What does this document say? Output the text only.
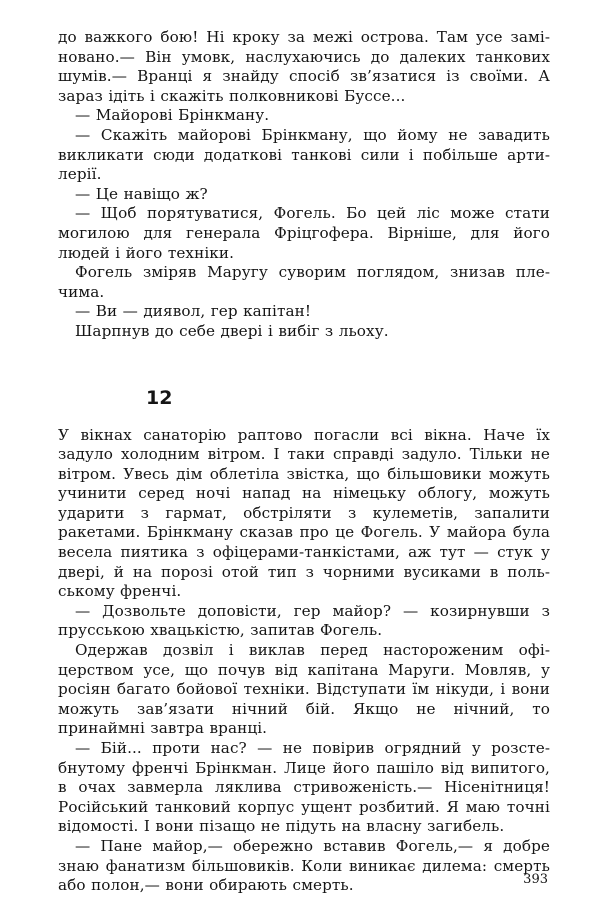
до важкого бою! Ні кроку за межі острова. Там усе заміновано.— Він умовк, наслухаючись до далеких танкових шумів.— Вранці я знайду спосіб зв’язатися із своїми. А зараз ідіть і скажіть полковникові Буссе...

— Майорові Брінкману.

— Скажіть майорові Брінкману, що йому не завадить викликати сюди додаткові танкові сили і побільше артилерії.

— Це навіщо ж?

— Щоб порятуватися, Фогель. Бо цей ліс може стати могилою для генерала Фріцгофера. Вірніше, для його людей і його техніки.

Фогель зміряв Маругу суворим поглядом, знизав плечима.

— Ви — диявол, гер капітан!

Шарпнув до себе двері і вибіг з льоху.

12

У вікнах санаторію раптово погасли всі вікна. Наче їх задуло холодним вітром. І таки справді задуло. Тільки не вітром. Увесь дім облетіла звістка, що більшовики можуть учинити серед ночі напад на німецьку облогу, можуть ударити з гармат, обстріляти з кулеметів, запалити ракетами. Брінкману сказав про це Фогель. У майора була весела пиятика з офіцерами-танкістами, аж тут — стук у двері, й на порозі отой тип з чорними вусиками в польському френчі.

— Дозвольте доповісти, гер майор? — козирнувши з прусською хвацькістю, запитав Фогель.

Одержав дозвіл і виклав перед настороженим офіцерством усе, що почув від капітана Маруги. Мовляв, у росіян багато бойової техніки. Відступати їм нікуди, і вони можуть зав’язати нічний бій. Якщо не нічний, то принаймні завтра вранці.

— Бій... проти нас? — не повірив огрядний у розстебнутому френчі Брінкман. Лице його пашіло від випитого, в очах завмерла ляклива стривоженість.— Нісенітниця! Російський танковий корпус ущент розбитий. Я маю точні відомості. І вони пізащо не підуть на власну загибель.

— Пане майор,— обережно вставив Фогель,— я добре знаю фанатизм більшовиків. Коли виникає дилема: смерть або полон,— вони обирають смерть.	393
